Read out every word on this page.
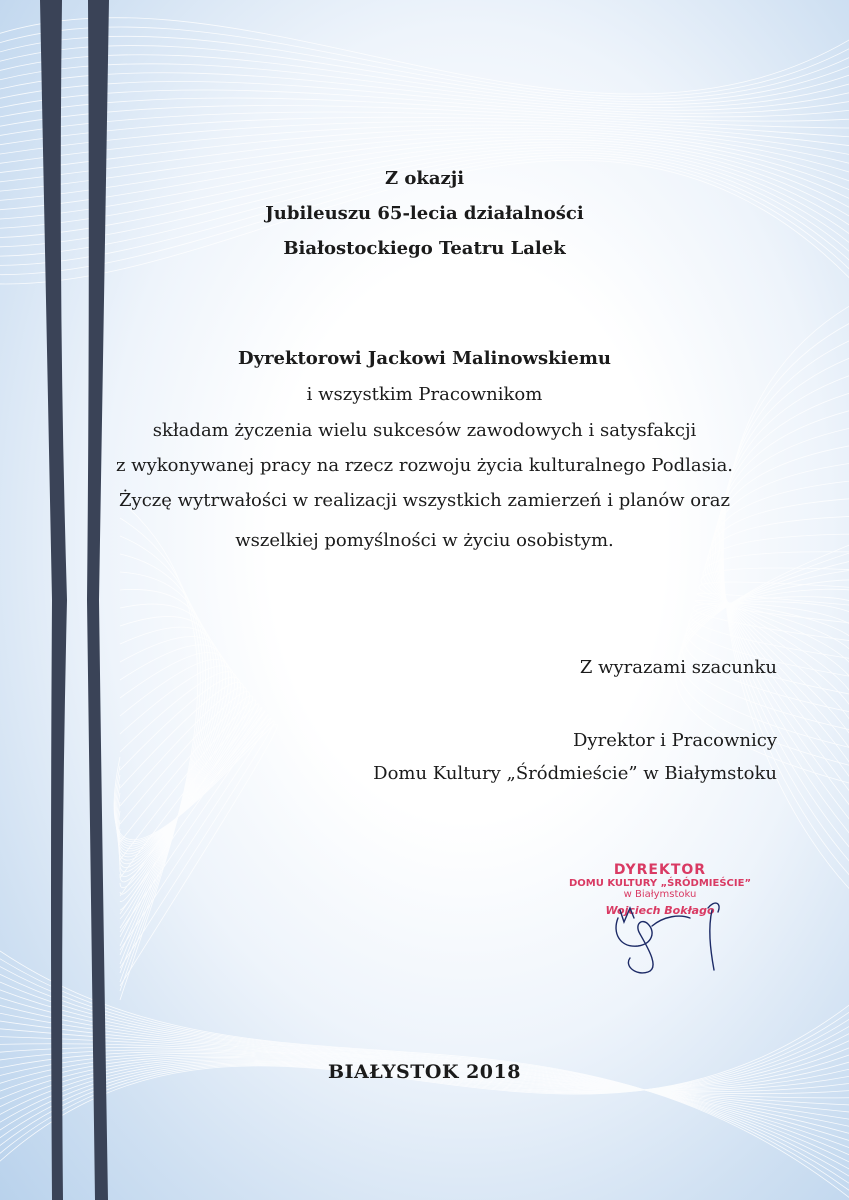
Z okazji
Jubileuszu 65-lecia działalności
Białostockiego Teatru Lalek
Dyrektorowi Jackowi Malinowskiemu
i wszystkim Pracownikom
składam życzenia wielu sukcesów zawodowych i satysfakcji
z wykonywanej pracy na rzecz rozwoju życia kulturalnego Podlasia.
Życzę wytrwałości w realizacji wszystkich zamierzeń i planów oraz
wszelkiej pomyślności w życiu osobistym.
Z wyrazami szacunku
Dyrektor i Pracownicy
Domu Kultury „Śródmieście” w Białymstoku
DYREKTOR
DOMU KULTURY „ŚRÓDMIEŚCIE”
w Białymstoku
Wojciech Bokłago
BIAŁYSTOK 2018
